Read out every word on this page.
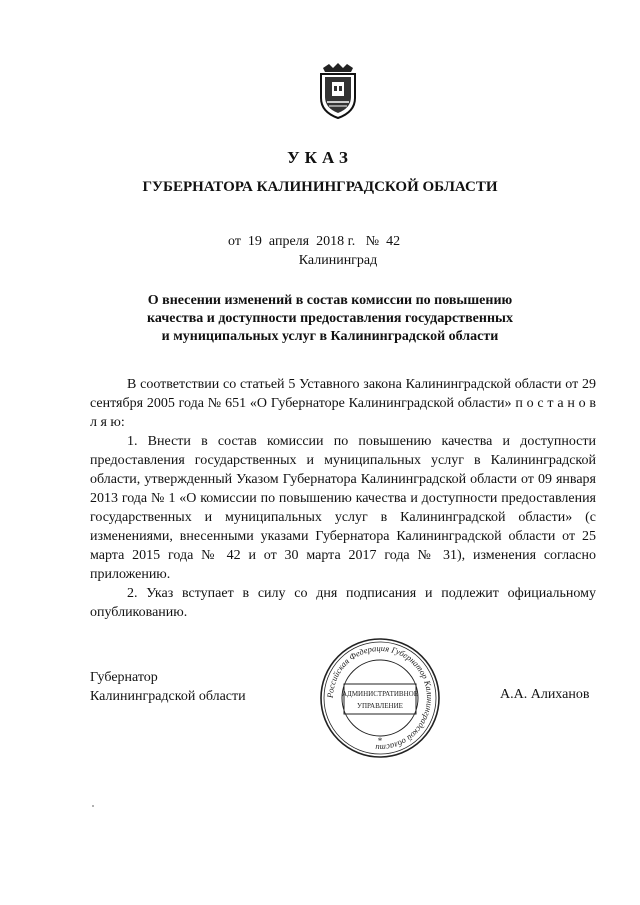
УКАЗ
ГУБЕРНАТОРА КАЛИНИНГРАДСКОЙ ОБЛАСТИ
от  19  апреля  2018 г.   №  42
Калининград
О внесении изменений в состав комиссии по повышению
качества и доступности предоставления государственных
и муниципальных услуг в Калининградской области

В соответствии со статьей 5 Уставного закона Калининградской области от 29 сентября 2005 года № 651 «О Губернаторе Калининградской области» п о с т а н о в л я ю:

1. Внести в состав комиссии по повышению качества и доступности предоставления государственных и муниципальных услуг в Калининградской области, утвержденный Указом Губернатора Калининградской области от 09 января 2013 года № 1 «О комиссии по повышению качества и доступности предоставления государственных и муниципальных услуг в Калининградской области» (с изменениями, внесенными указами Губернатора Калининградской области от 25 марта 2015 года № 42 и от 30 марта 2017 года № 31), изменения согласно приложению.

2. Указ вступает в силу со дня подписания и подлежит официальному опубликованию.

Губернатор
Калининградской области	А.А. Алиханов
Российская Федерация Губернатор Калининградской области
АДМИНИСТРАТИВНОЕ
УПРАВЛЕНИЕ
*
